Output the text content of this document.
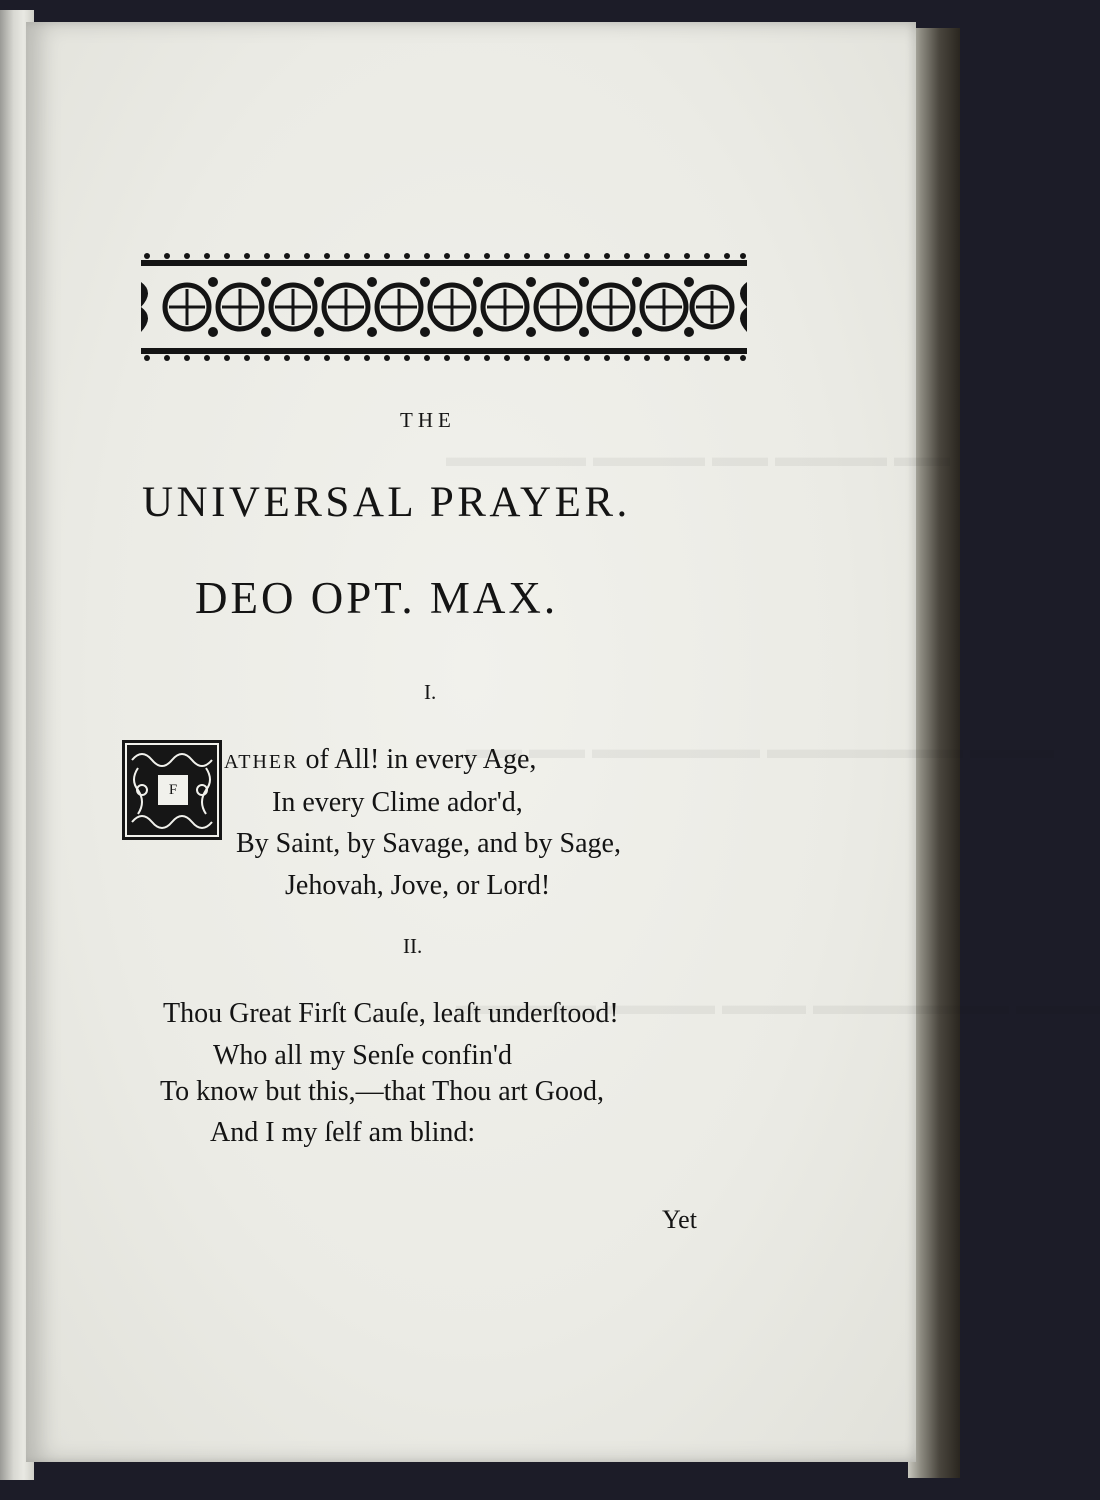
▬▬ ▬▬▬▬ ▬▬ ▬▬▬▬ ▬▬▬▬▬
▬▬▬ ▬▬▬▬▬▬▬ ▬▬▬▬▬▬ ▬▬ ▬▬
▬▬▬ ▬▬▬▬▬▬▬ ▬▬▬ ▬▬▬▬ ▬▬▬▬▬
THE
UNIVERSAL PRAYER.
DEO OPT. MAX.
I.
F
ATHER of All! in every Age,
In every Clime ador'd,
By Saint, by Savage, and by Sage,
Jehovah, Jove, or Lord!
II.
Thou Great Firſt Cauſe, leaſt underſtood!
Who all my Senſe confin'd
To know but this,—that Thou art Good,
And I my ſelf am blind:
Yet
